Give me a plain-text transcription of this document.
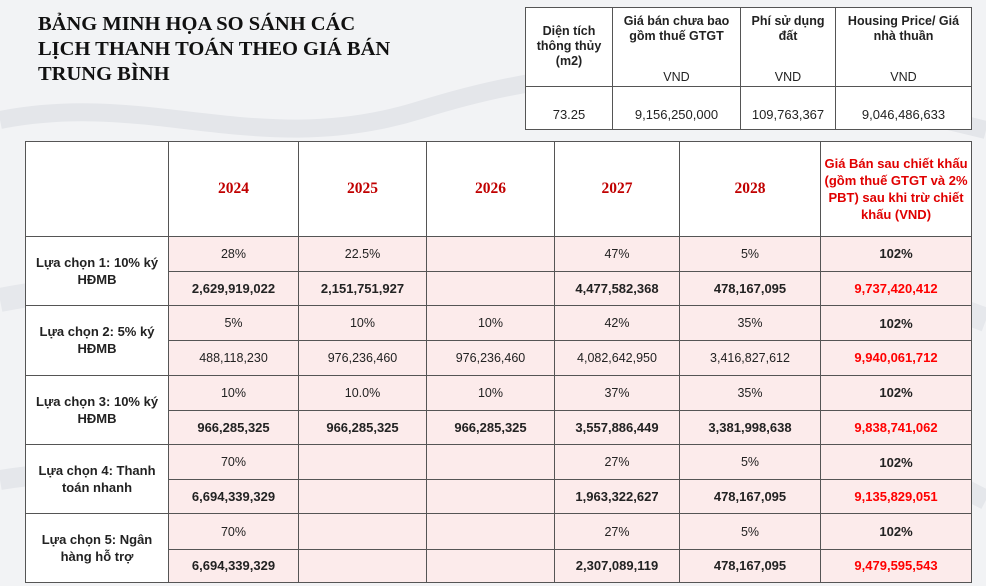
BẢNG MINH HỌA SO SÁNH CÁC
LỊCH THANH TOÁN THEO GIÁ BÁN
TRUNG BÌNH
Diện tích thông thủy (m2)	Giá bán chưa bao gồm thuế GTGT	Phí sử dụng đất	Housing Price/ Giá nhà thuần
	VND	VND	VND

73.25	9,156,250,000	109,763,367	9,046,486,633
	2024	2025	2026	2027	2028	Giá Bán sau chiết khấu (gồm thuế GTGT và 2% PBT) sau khi trừ chiết khấu (VND)
Lựa chọn 1: 10% ký HĐMB	28%	22.5%		47%	5%	102%
	2,629,919,022	2,151,751,927		4,477,582,368	478,167,095	9,737,420,412
Lựa chọn 2: 5% ký HĐMB	5%	10%	10%	42%	35%	102%
	488,118,230	976,236,460	976,236,460	4,082,642,950	3,416,827,612	9,940,061,712
Lựa chọn 3: 10% ký HĐMB	10%	10.0%	10%	37%	35%	102%
	966,285,325	966,285,325	966,285,325	3,557,886,449	3,381,998,638	9,838,741,062
Lựa chọn 4: Thanh toán nhanh	70%			27%	5%	102%
	6,694,339,329			1,963,322,627	478,167,095	9,135,829,051
Lựa chọn 5: Ngân hàng hỗ trợ	70%			27%	5%	102%
	6,694,339,329			2,307,089,119	478,167,095	9,479,595,543
